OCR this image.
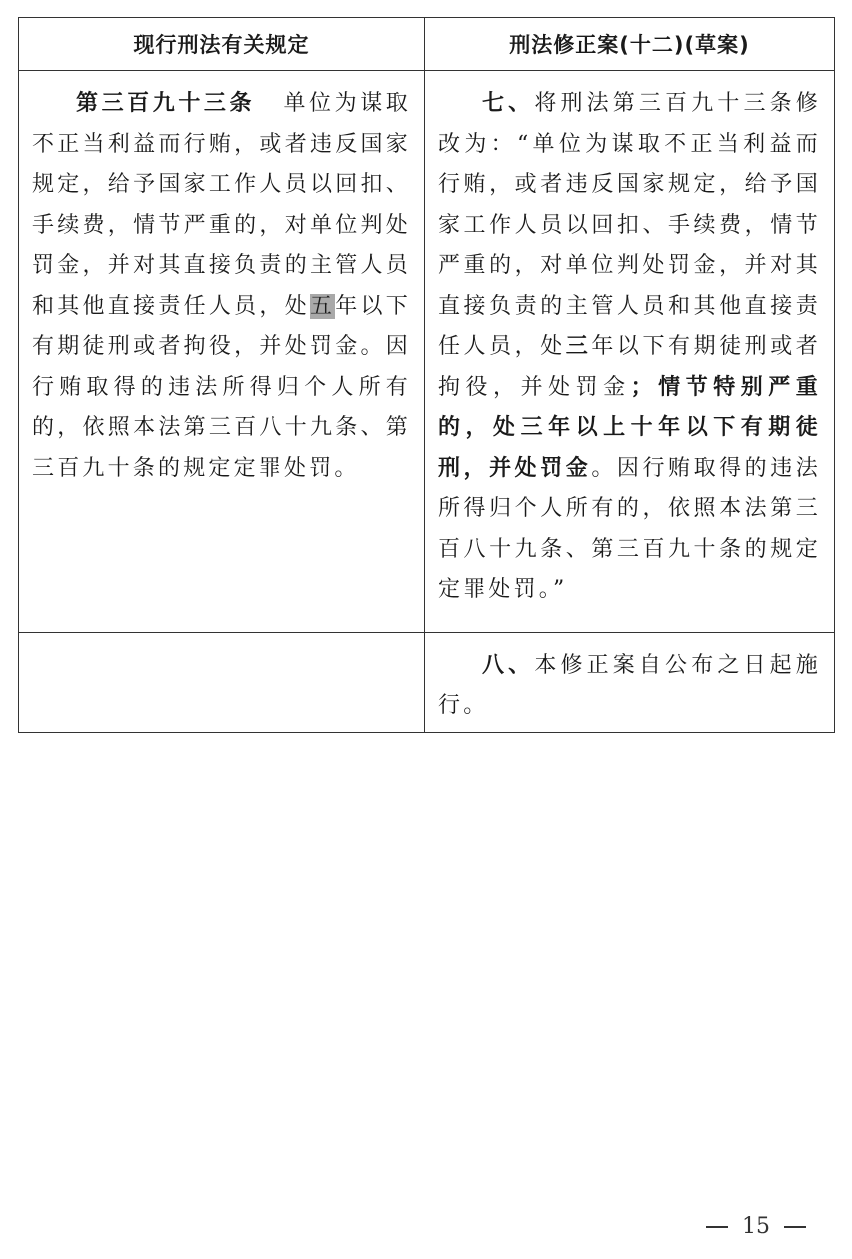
现行刑法有关规定	刑法修正案(十二)(草案)

第三百九十三条 单位为谋取不正当利益而行贿，或者违反国家规定，给予国家工作人员以回扣、手续费，情节严重的，对单位判处罚金，并对其直接负责的主管人员和其他直接责任人员，处五年以下有期徒刑或者拘役，并处罚金。因行贿取得的违法所得归个人所有的，依照本法第三百八十九条、第三百九十条的规定定罪处罚。	七、将刑法第三百九十三条修改为：“单位为谋取不正当利益而行贿，或者违反国家规定，给予国家工作人员以回扣、手续费，情节严重的，对单位判处罚金，并对其直接负责的主管人员和其他直接责任人员，处三年以下有期徒刑或者拘役，并处罚金；情节特别严重的，处三年以上十年以下有期徒刑，并处罚金。因行贿取得的违法所得归个人所有的，依照本法第三百八十九条、第三百九十条的规定定罪处罚。”

	八、本修正案自公布之日起施行。

15
